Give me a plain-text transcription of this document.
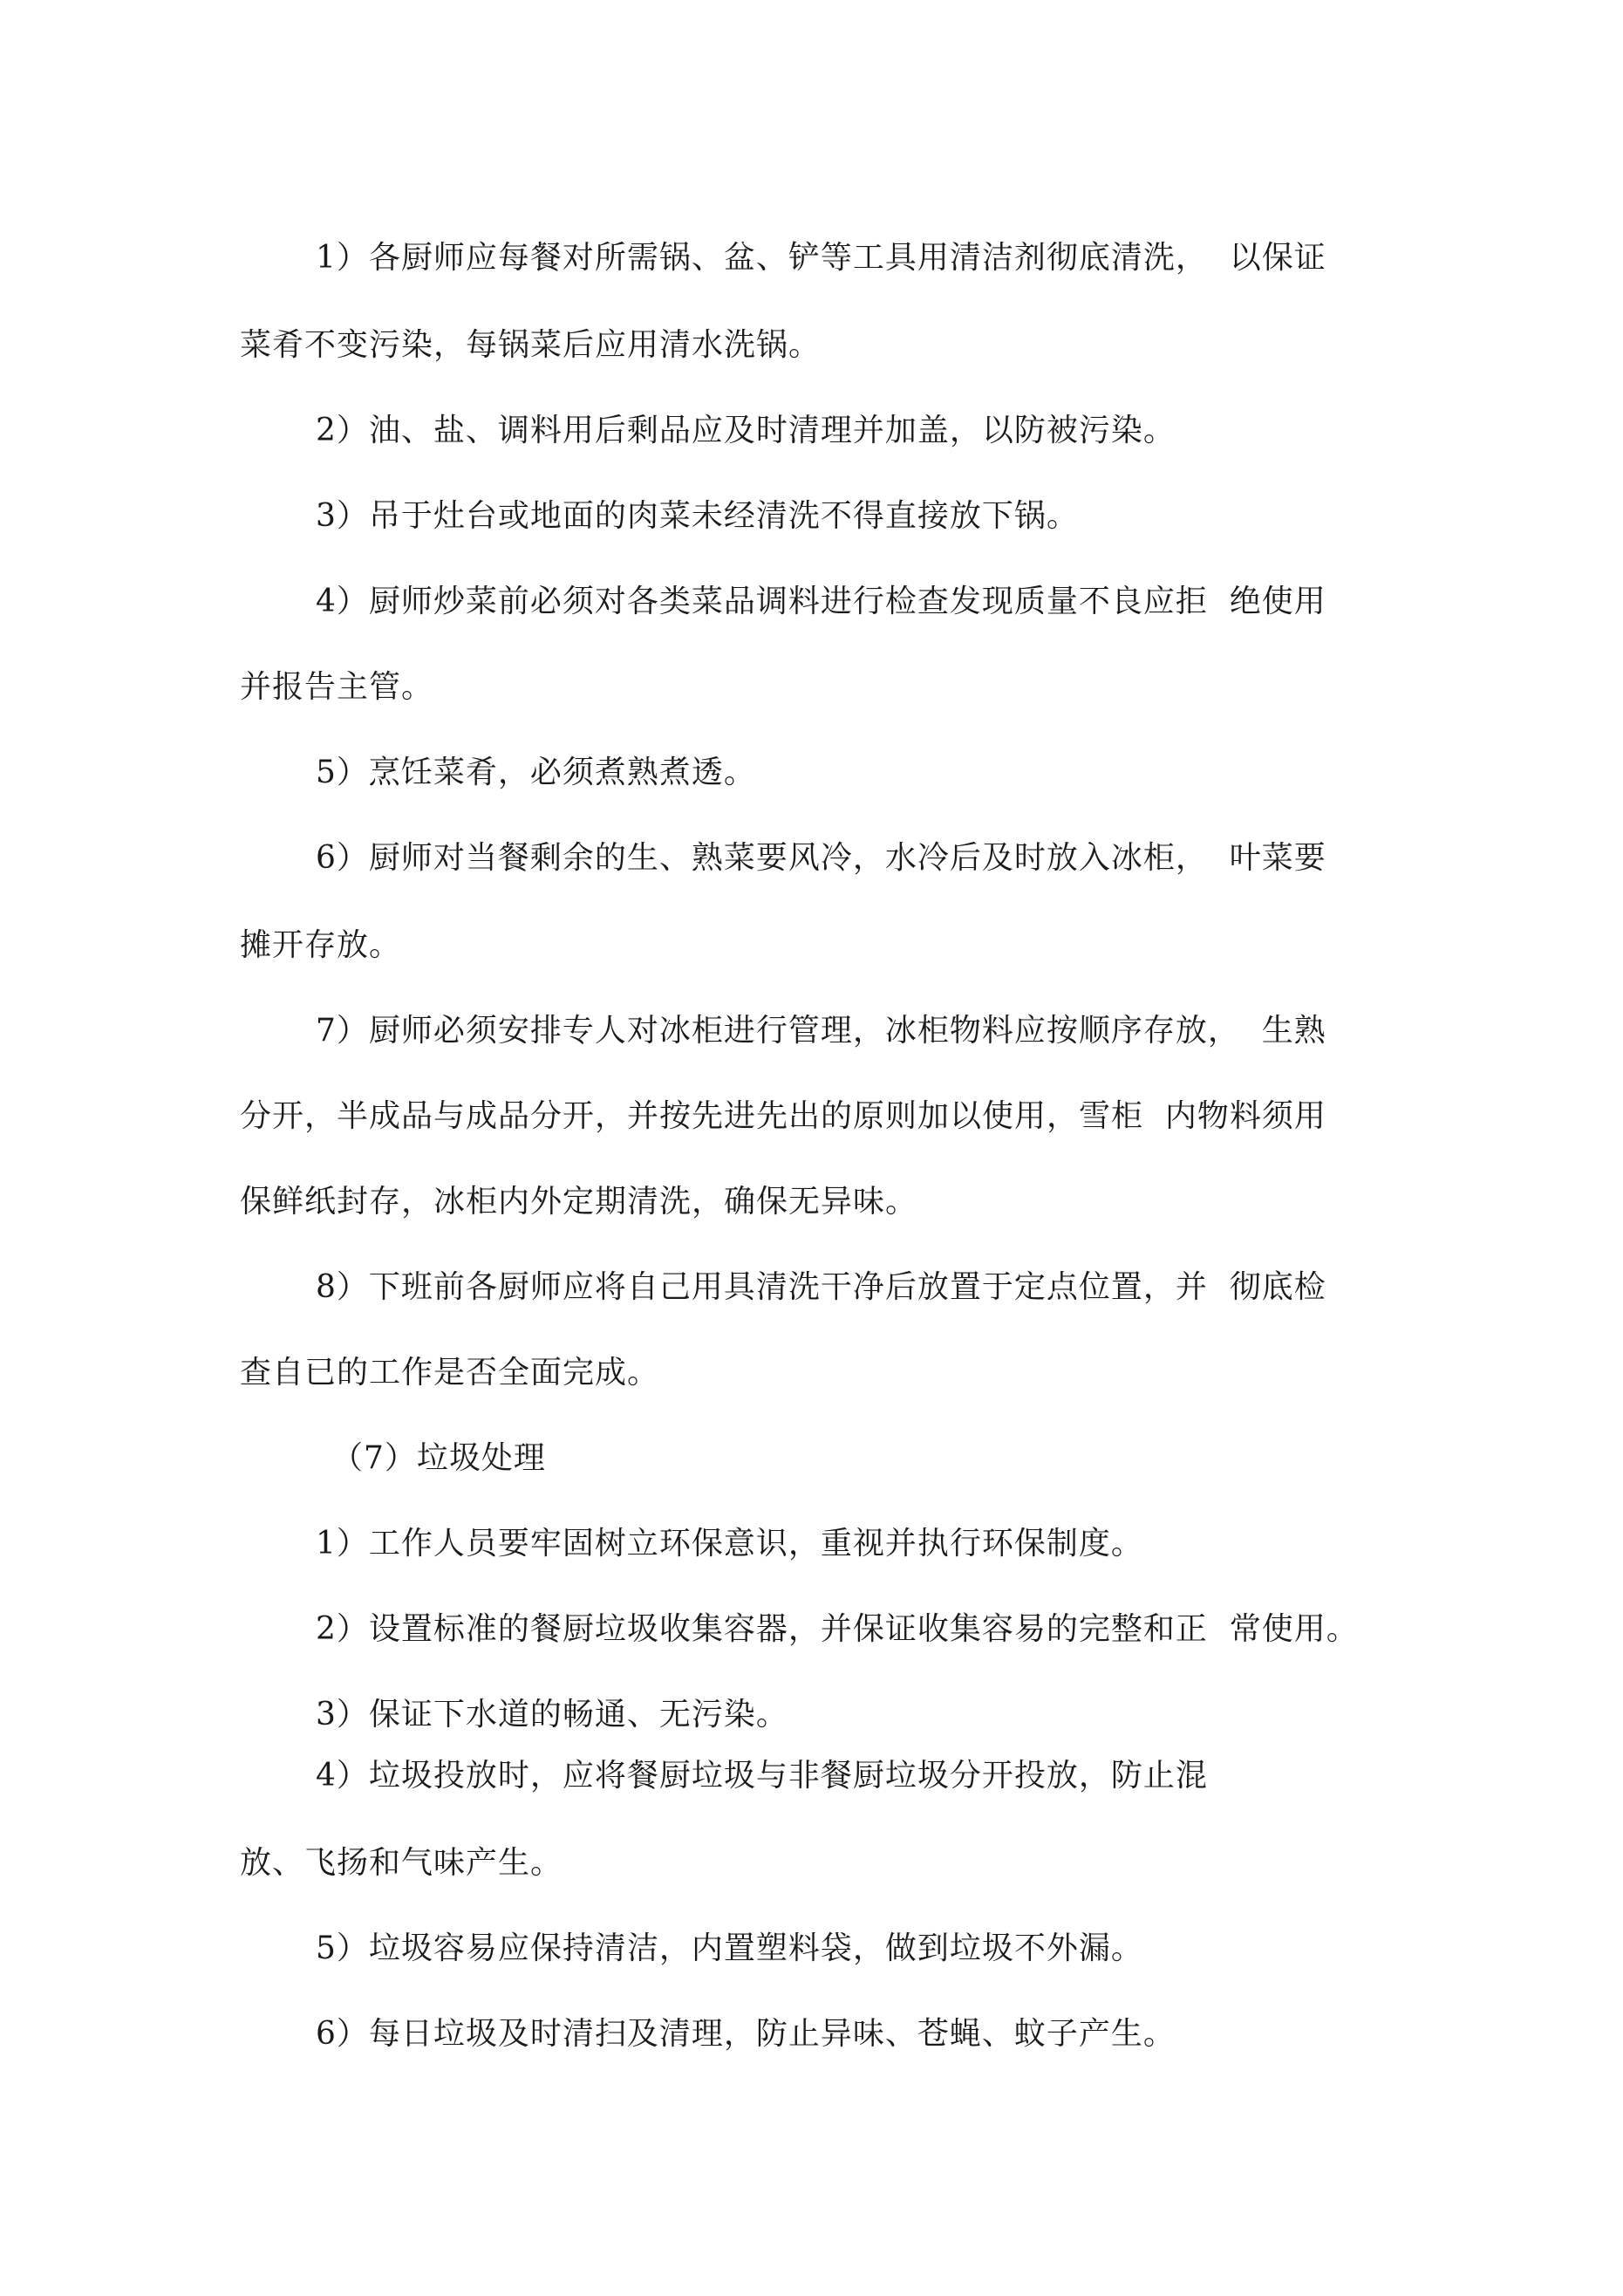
1）各厨师应每餐对所需锅、盆、铲等工具用清洁剂彻底清洗，  以保证
菜肴不变污染，每锅菜后应用清水洗锅。
2）油、盐、调料用后剩品应及时清理并加盖，以防被污染。
3）吊于灶台或地面的肉菜未经清洗不得直接放下锅。
4）厨师炒菜前必须对各类菜品调料进行检查发现质量不良应拒  绝使用
并报告主管。
5）烹饪菜肴，必须煮熟煮透。
6）厨师对当餐剩余的生、熟菜要风冷，水冷后及时放入冰柜，  叶菜要
摊开存放。
7）厨师必须安排专人对冰柜进行管理，冰柜物料应按顺序存放，  生熟
分开，半成品与成品分开，并按先进先出的原则加以使用，雪柜  内物料须用
保鲜纸封存，冰柜内外定期清洗，确保无异味。
8）下班前各厨师应将自己用具清洗干净后放置于定点位置，并  彻底检
查自已的工作是否全面完成。
（7）垃圾处理
1）工作人员要牢固树立环保意识，重视并执行环保制度。
2）设置标准的餐厨垃圾收集容器，并保证收集容易的完整和正  常使用。
3）保证下水道的畅通、无污染。
4）垃圾投放时，应将餐厨垃圾与非餐厨垃圾分开投放，防止混
放、飞扬和气味产生。
5）垃圾容易应保持清洁，内置塑料袋，做到垃圾不外漏。
6）每日垃圾及时清扫及清理，防止异味、苍蝇、蚊子产生。
